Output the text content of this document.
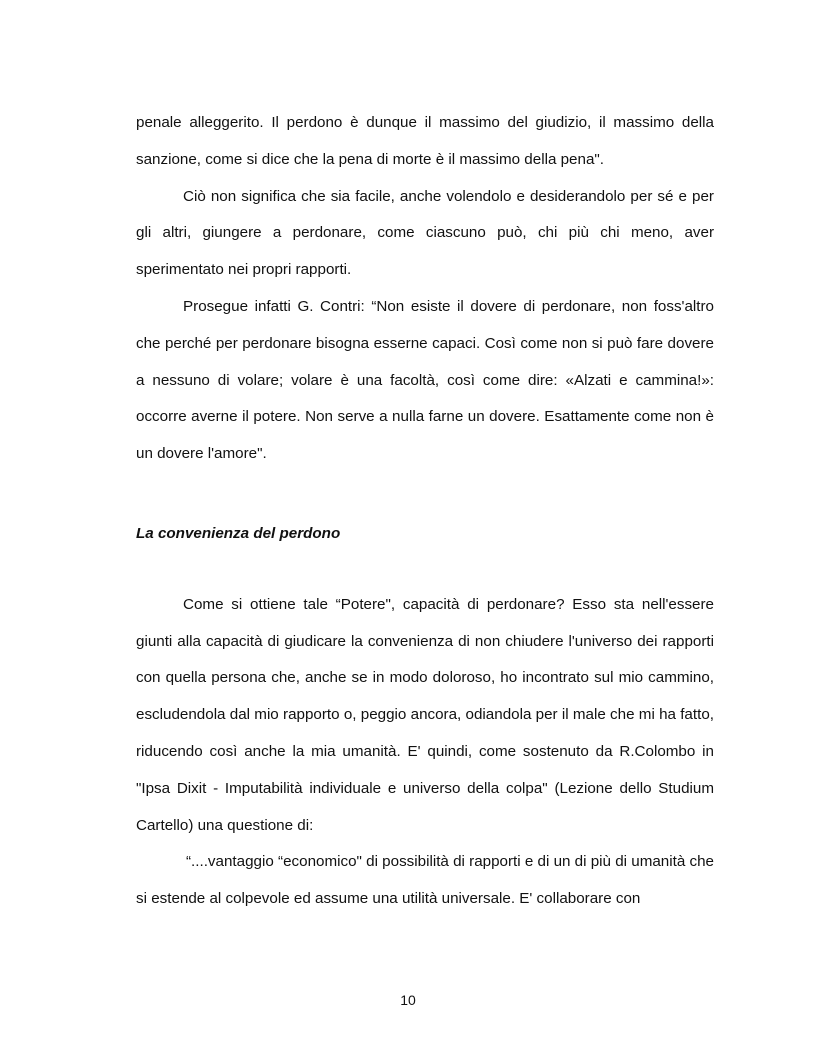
penale alleggerito. Il perdono è dunque il massimo del giudizio, il massimo della sanzione, come si dice che la pena di morte è il massimo della pena".

Ciò non significa che sia facile, anche volendolo e desiderandolo per sé e per gli altri, giungere a perdonare, come ciascuno può, chi più chi meno, aver sperimentato nei propri rapporti.

Prosegue infatti G. Contri: “Non esiste il dovere di perdonare, non foss'altro che perché per perdonare bisogna esserne capaci. Così come non si può fare dovere a nessuno di volare; volare è una facoltà, così come dire: «Alzati e cammina!»: occorre averne il potere. Non serve a nulla farne un dovere. Esattamente come non è un dovere l'amore".

La convenienza del perdono

Come si ottiene tale “Potere", capacità di perdonare? Esso sta nell'essere giunti alla capacità di giudicare la convenienza di non chiudere l'universo dei rapporti con quella persona che, anche se in modo doloroso, ho incontrato sul mio cammino, escludendola dal mio rapporto o, peggio ancora, odiandola per il male che mi ha fatto, riducendo così anche la mia umanità. E' quindi, come sostenuto da R.Colombo in "Ipsa Dixit - Imputabilità individuale e universo della colpa" (Lezione dello Studium Cartello) una questione di:

“....vantaggio “economico" di possibilità di rapporti e di un di più di umanità che si estende al colpevole ed assume una utilità universale. E' collaborare con

10
